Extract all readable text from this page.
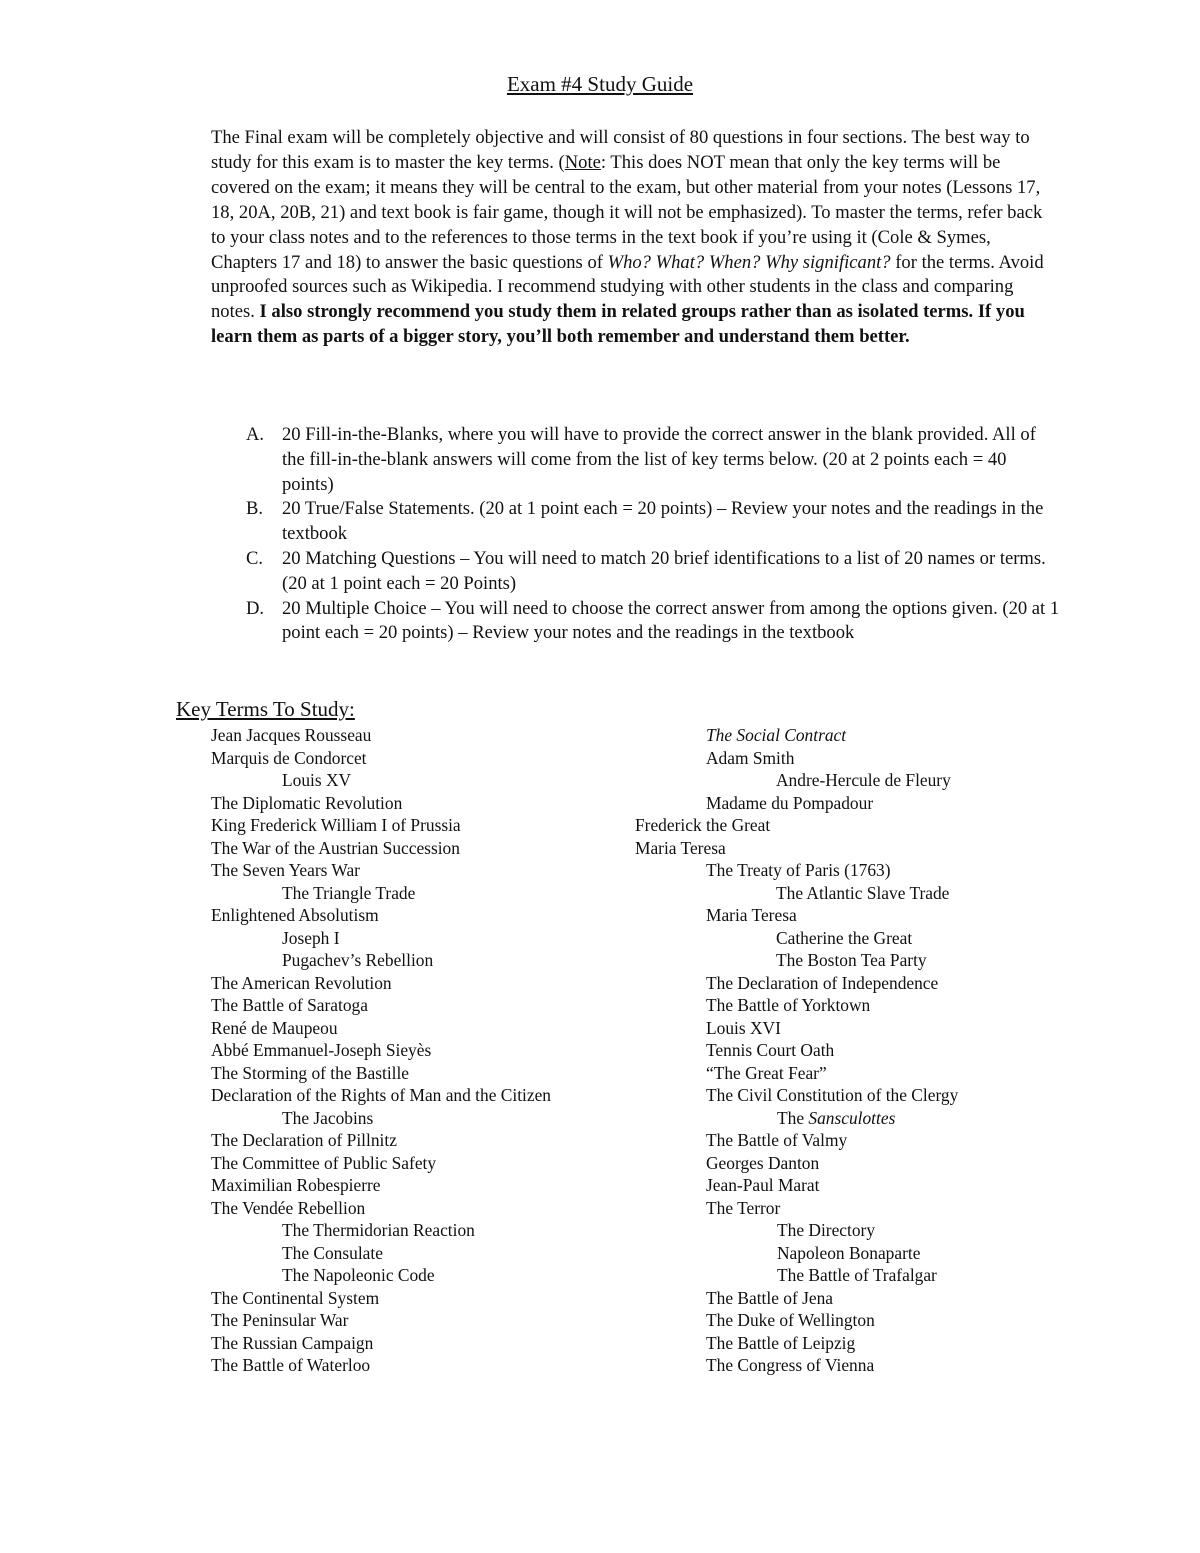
Exam #4 Study Guide
The Final exam will be completely objective and will consist of 80 questions in four sections. The best way to study for this exam is to master the key terms. (Note: This does NOT mean that only the key terms will be covered on the exam; it means they will be central to the exam, but other material from your notes (Lessons 17, 18, 20A, 20B, 21) and text book is fair game, though it will not be emphasized). To master the terms, refer back to your class notes and to the references to those terms in the text book if you’re using it (Cole & Symes, Chapters 17 and 18) to answer the basic questions of Who? What? When? Why significant? for the terms. Avoid unproofed sources such as Wikipedia. I recommend studying with other students in the class and comparing notes. I also strongly recommend you study them in related groups rather than as isolated terms. If you learn them as parts of a bigger story, you’ll both remember and understand them better.
A. 20 Fill-in-the-Blanks, where you will have to provide the correct answer in the blank provided. All of the fill-in-the-blank answers will come from the list of key terms below. (20 at 2 points each = 40 points)
B. 20 True/False Statements. (20 at 1 point each = 20 points) – Review your notes and the readings in the textbook
C. 20 Matching Questions – You will need to match 20 brief identifications to a list of 20 names or terms. (20 at 1 point each = 20 Points)
D. 20 Multiple Choice – You will need to choose the correct answer from among the options given. (20 at 1 point each = 20 points) – Review your notes and the readings in the textbook
Key Terms To Study:
Jean Jacques Rousseau
Marquis de Condorcet
Louis XV
The Diplomatic Revolution
King Frederick William I of Prussia
The War of the Austrian Succession
The Seven Years War
The Triangle Trade
Enlightened Absolutism
Joseph I
Pugachev’s Rebellion
The American Revolution
The Battle of Saratoga
René de Maupeou
Abbé Emmanuel-Joseph Sieyès
The Storming of the Bastille
Declaration of the Rights of Man and the Citizen
The Jacobins
The Declaration of Pillnitz
The Committee of Public Safety
Maximilian Robespierre
The Vendée Rebellion
The Thermidorian Reaction
The Consulate
The Napoleonic Code
The Continental System
The Peninsular War
The Russian Campaign
The Battle of Waterloo
The Social Contract
Adam Smith
Andre-Hercule de Fleury
Madame du Pompadour
Frederick the Great
Maria Teresa
The Treaty of Paris (1763)
The Atlantic Slave Trade
Maria Teresa
Catherine the Great
The Boston Tea Party
The Declaration of Independence
The Battle of Yorktown
Louis XVI
Tennis Court Oath
“The Great Fear”
The Civil Constitution of the Clergy
The Sansculottes
The Battle of Valmy
Georges Danton
Jean-Paul Marat
The Terror
The Directory
Napoleon Bonaparte
The Battle of Trafalgar
The Battle of Jena
The Duke of Wellington
The Battle of Leipzig
The Congress of Vienna
